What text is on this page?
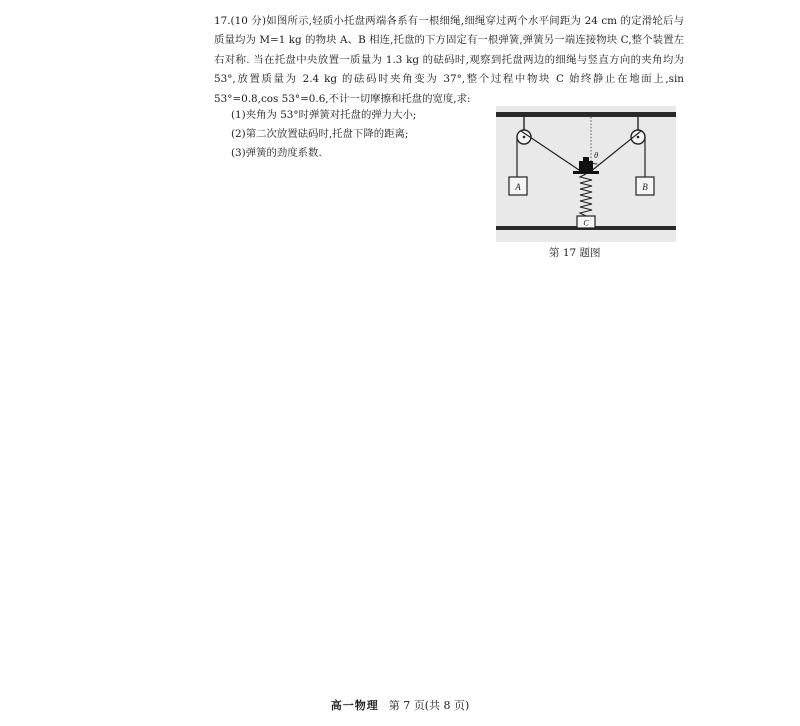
17.(10 分)如图所示,轻质小托盘两端各系有一根细绳,细绳穿过两个水平间距为 24 cm 的定滑轮后与质量均为 M=1 kg 的物块 A、B 相连,托盘的下方固定有一根弹簧,弹簧另一端连接物块 C,整个装置左右对称. 当在托盘中央放置一质量为 1.3 kg 的砝码时,观察到托盘两边的细绳与竖直方向的夹角均为 53°,放置质量为 2.4 kg 的砝码时夹角变为 37°,整个过程中物块 C 始终静止在地面上,sin 53°=0.8,cos 53°=0.6,不计一切摩擦和托盘的宽度,求:

(1)夹角为 53°时弹簧对托盘的弹力大小;
(2)第二次放置砝码时,托盘下降的距离;
(3)弹簧的劲度系数.
A	B
θ
C
第 17 题图
高一物理 第 7 页(共 8 页)
